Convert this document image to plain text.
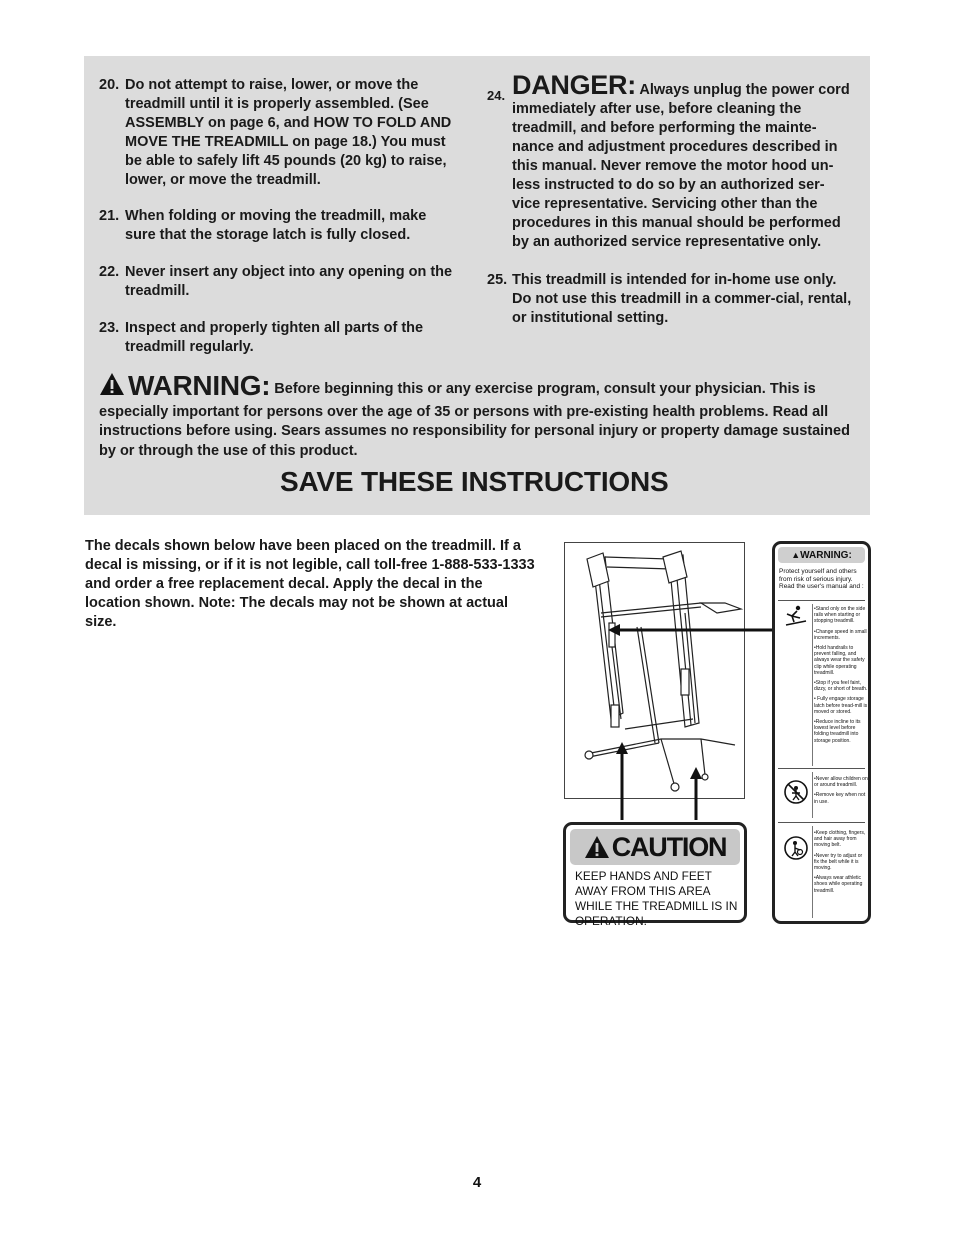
20. Do not attempt to raise, lower, or move the treadmill until it is properly assembled. (See ASSEMBLY on page 6, and HOW TO FOLD AND MOVE THE TREADMILL on page 18.) You must be able to safely lift 45 pounds (20 kg) to raise, lower, or move the treadmill.
21. When folding or moving the treadmill, make sure that the storage latch is fully closed.
22. Never insert any object into any opening on the treadmill.
23. Inspect and properly tighten all parts of the treadmill regularly.
24. DANGER: Always unplug the power cord immediately after use, before cleaning the treadmill, and before performing the mainte-nance and adjustment procedures described in this manual. Never remove the motor hood un-less instructed to do so by an authorized ser-vice representative. Servicing other than the procedures in this manual should be performed by an authorized service representative only.
25. This treadmill is intended for in-home use only. Do not use this treadmill in a commer-cial, rental, or institutional setting.
WARNING: Before beginning this or any exercise program, consult your physician. This is especially important for persons over the age of 35 or persons with pre-existing health problems. Read all instructions before using. Sears assumes no responsibility for personal injury or property damage sustained by or through the use of this product.
SAVE THESE INSTRUCTIONS
The decals shown below have been placed on the treadmill. If a decal is missing, or if it is not legible, call toll-free 1-888-533-1333 and order a free replacement decal. Apply the decal in the location shown. Note: The decals may not be shown at actual size.
CAUTION
KEEP HANDS AND FEET AWAY FROM THIS AREA WHILE THE TREADMILL IS IN OPERATION.
▲WARNING:
Protect yourself and others from risk of serious injury. Read the user's manual and :

•Stand only on the side rails when starting or stopping treadmill.

•Change speed in small increments.

•Hold handrails to prevent falling, and always wear the safety clip while operating treadmill.

•Stop if you feel faint, dizzy, or short of breath.

• Fully engage storage latch before tread-mill is moved or stored.

•Reduce incline to its lowest level before folding treadmill into storage position.

•Never allow children on or around treadmill.

•Remove key when not in use.

•Keep clothing, fingers, and hair away from moving belt.

•Never try to adjust or fix the belt while it is moving.

•Always wear athletic shoes while operating treadmill.

4
